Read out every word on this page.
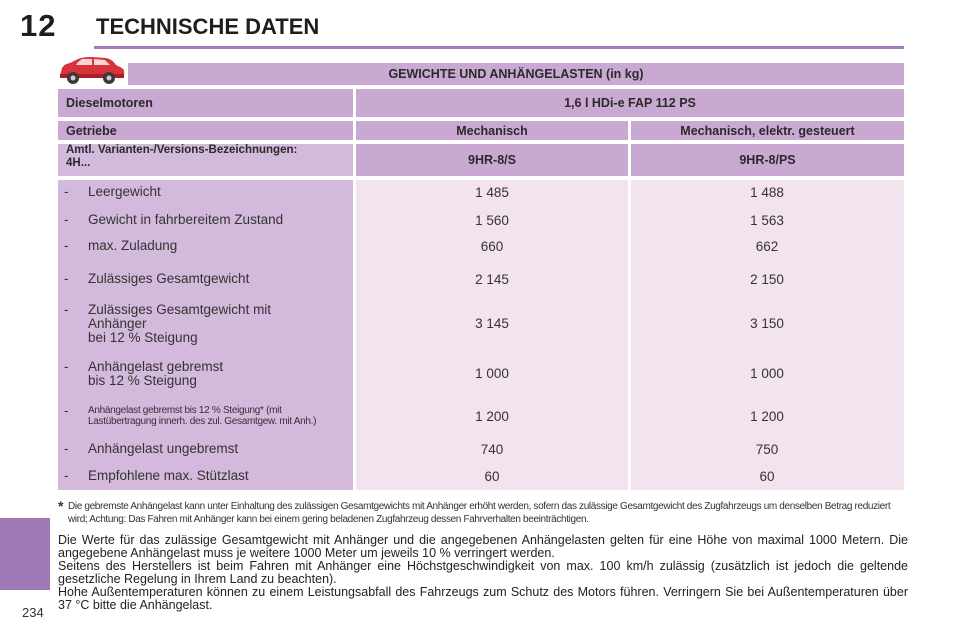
12 TECHNISCHE DATEN
234
GEWICHTE UND ANHÄNGELASTEN (in kg)
Dieselmotoren	1,6 l HDi-e FAP 112 PS
Getriebe	Mechanisch	Mechanisch, elektr. gesteuert
Amtl. Varianten-/Versions-Bezeichnungen:
4H...	9HR-8/S	9HR-8/PS
-	Leergewicht	1 485	1 488
-	Gewicht in fahrbereitem Zustand	1 560	1 563
-	max. Zuladung	660	662
-	Zulässiges Gesamtgewicht	2 145	2 150
-	Zulässiges Gesamtgewicht mit
Anhänger
bei 12 % Steigung
3 145	3 150
-	Anhängelast gebremst
bis 12 % Steigung	1 000	1 000
-	Anhängelast gebremst bis 12 % Steigung* (mit
Lastübertragung innerh. des zul. Gesamtgew. mit Anh.)	1 200	1 200
-	Anhängelast ungebremst	740	750
-	Empfohlene max. Stützlast	60	60
* Die gebremste Anhängelast kann unter Einhaltung des zulässigen Gesamtgewichts mit Anhänger erhöht werden, sofern das zulässige Gesamtgewicht des Zugfahrzeugs um denselben Betrag reduziert wird; Achtung: Das Fahren mit Anhänger kann bei einem gering beladenen Zugfahrzeug dessen Fahrverhalten beeinträchtigen.
Die Werte für das zulässige Gesamtgewicht mit Anhänger und die angegebenen Anhängelasten gelten für eine Höhe von maximal 1000 Metern. Die angegebene Anhängelast muss je weitere 1000 Meter um jeweils 10 % verringert werden.
Seitens des Herstellers ist beim Fahren mit Anhänger eine Höchstgeschwindigkeit von max. 100 km/h zulässig (zusätzlich ist jedoch die geltende gesetzliche Regelung in Ihrem Land zu beachten).
Hohe Außentemperaturen können zu einem Leistungsabfall des Fahrzeugs zum Schutz des Motors führen. Verringern Sie bei Außentemperaturen über 37 °C bitte die Anhängelast.
